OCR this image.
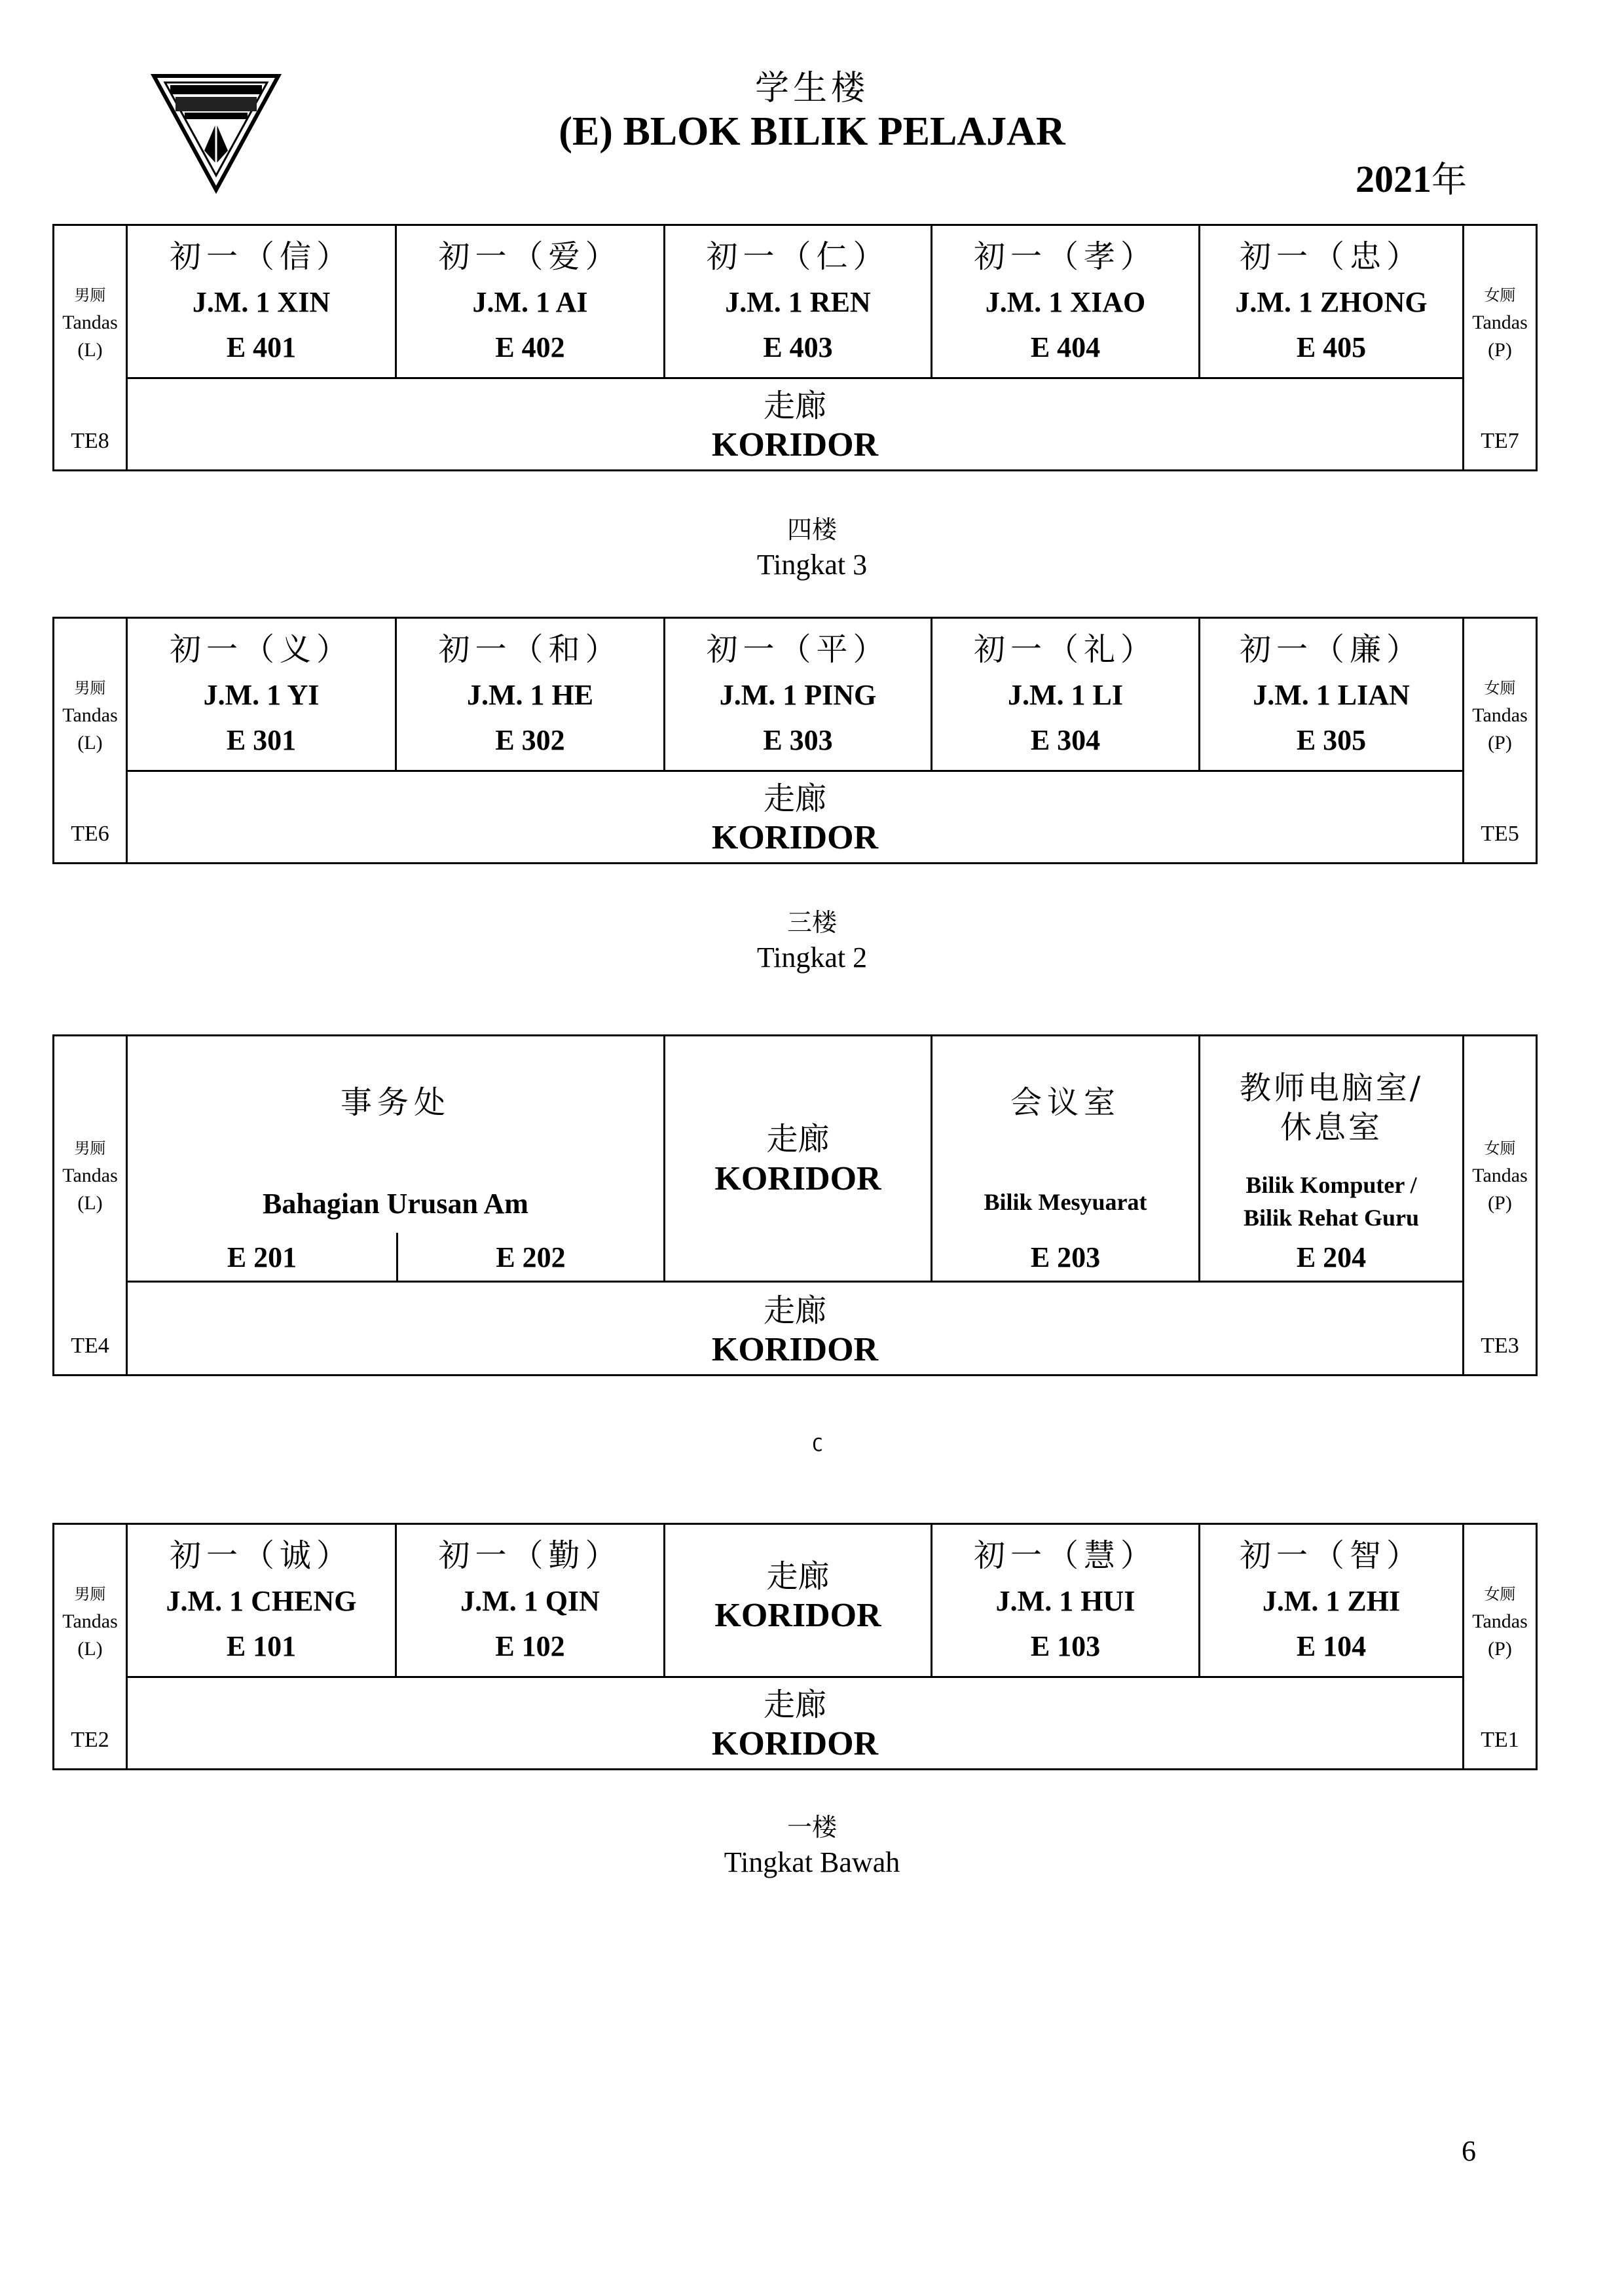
学生楼
(E) BLOK BILIK PELAJAR
2021年
男厕
Tandas
(L)
TE8
初一（信）
J.M. 1 XIN
E 401
初一（爱）
J.M. 1 AI
E 402
初一（仁）
J.M. 1 REN
E 403
初一（孝）
J.M. 1 XIAO
E 404
初一（忠）
J.M. 1 ZHONG
E 405
走廊
KORIDOR
女厕
Tandas
(P)
TE7
四楼
Tingkat 3
男厕
Tandas
(L)
TE6
初一（义）
J.M. 1 YI
E 301
初一（和）
J.M. 1 HE
E 302
初一（平）
J.M. 1 PING
E 303
初一（礼）
J.M. 1 LI
E 304
初一（廉）
J.M. 1 LIAN
E 305
走廊
KORIDOR
女厕
Tandas
(P)
TE5
三楼
Tingkat 2
男厕
Tandas
(L)
TE4
事务处
Bahagian Urusan Am
E 201	E 202
走廊
KORIDOR
会议室
Bilik Mesyuarat
E 203
教师电脑室/
休息室
Bilik Komputer /
Bilik Rehat Guru
E 204
走廊
KORIDOR
女厕
Tandas
(P)
TE3
C
男厕
Tandas
(L)
TE2
初一（诚）
J.M. 1 CHENG
E 101
初一（勤）
J.M. 1 QIN
E 102
走廊
KORIDOR
初一（慧）
J.M. 1 HUI
E 103
初一（智）
J.M. 1 ZHI
E 104
走廊
KORIDOR
女厕
Tandas
(P)
TE1
一楼
Tingkat Bawah
6
